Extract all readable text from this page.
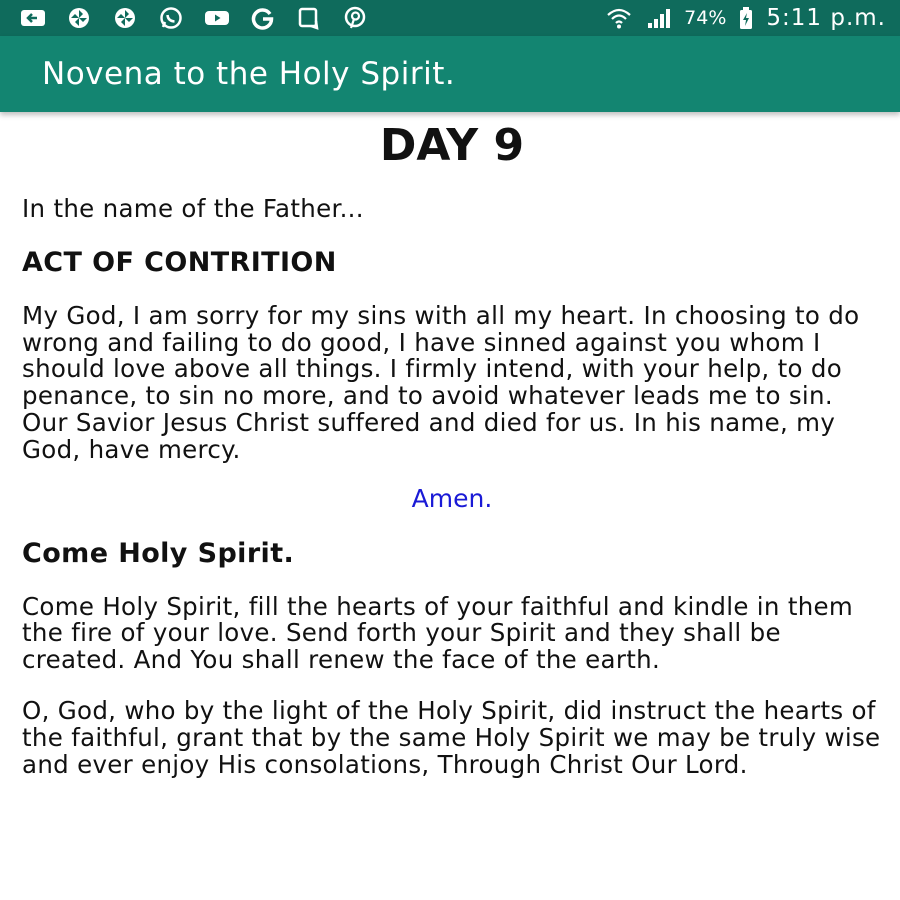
74% 5:11 p.m.
Novena to the Holy Spirit.
DAY 9

In the name of the Father...

ACT OF CONTRITION

My God, I am sorry for my sins with all my heart. In choosing to do wrong and failing to do good, I have sinned against you whom I should love above all things. I firmly intend, with your help, to do penance, to sin no more, and to avoid whatever leads me to sin. Our Savior Jesus Christ suffered and died for us. In his name, my God, have mercy.

Amen.

Come Holy Spirit.

Come Holy Spirit, fill the hearts of your faithful and kindle in them the fire of your love. Send forth your Spirit and they shall be created. And You shall renew the face of the earth.

O, God, who by the light of the Holy Spirit, did instruct the hearts of the faithful, grant that by the same Holy Spirit we may be truly wise and ever enjoy His consolations, Through Christ Our Lord.
